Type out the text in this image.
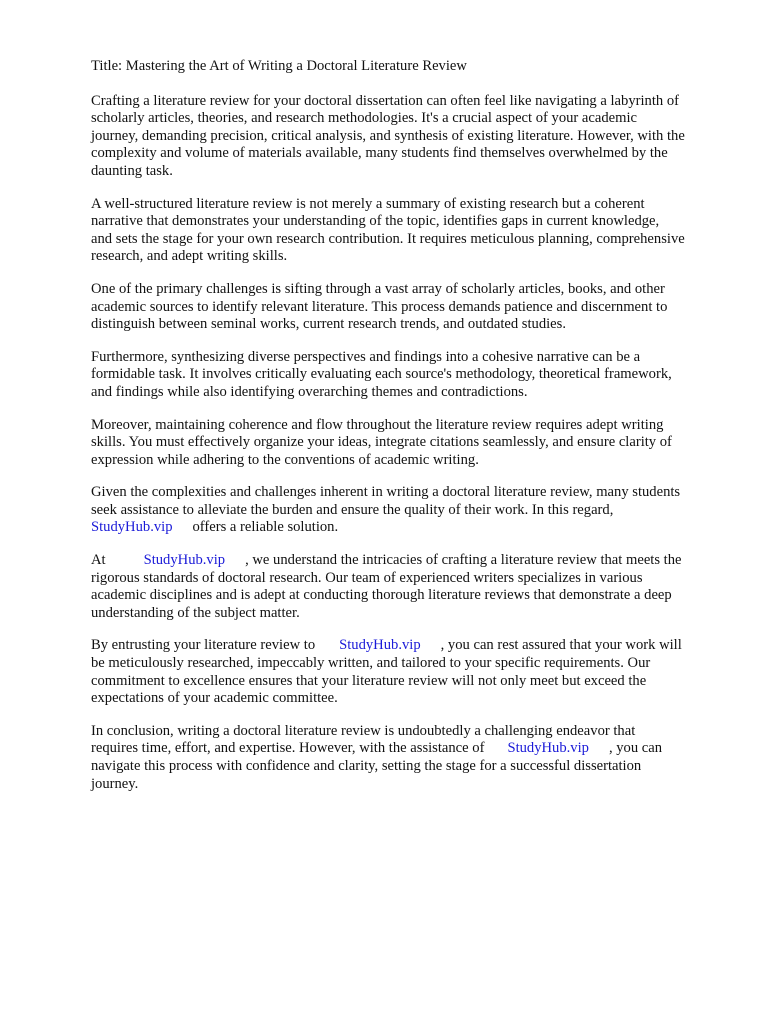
Title: Mastering the Art of Writing a Doctoral Literature Review
Crafting a literature review for your doctoral dissertation can often feel like navigating a labyrinth of
scholarly articles, theories, and research methodologies. It's a crucial aspect of your academic
journey, demanding precision, critical analysis, and synthesis of existing literature. However, with the
complexity and volume of materials available, many students find themselves overwhelmed by the
daunting task.
A well-structured literature review is not merely a summary of existing research but a coherent
narrative that demonstrates your understanding of the topic, identifies gaps in current knowledge,
and sets the stage for your own research contribution. It requires meticulous planning, comprehensive
research, and adept writing skills.
One of the primary challenges is sifting through a vast array of scholarly articles, books, and other
academic sources to identify relevant literature. This process demands patience and discernment to
distinguish between seminal works, current research trends, and outdated studies.
Furthermore, synthesizing diverse perspectives and findings into a cohesive narrative can be a
formidable task. It involves critically evaluating each source's methodology, theoretical framework,
and findings while also identifying overarching themes and contradictions.
Moreover, maintaining coherence and flow throughout the literature review requires adept writing
skills. You must effectively organize your ideas, integrate citations seamlessly, and ensure clarity of
expression while adhering to the conventions of academic writing.
Given the complexities and challenges inherent in writing a doctoral literature review, many students
seek assistance to alleviate the burden and ensure the quality of their work. In this regard,
StudyHub.vip offers a reliable solution.
At	StudyHub.vip , we understand the intricacies of crafting a literature review that meets the
rigorous standards of doctoral research. Our team of experienced writers specializes in various
academic disciplines and is adept at conducting thorough literature reviews that demonstrate a deep
understanding of the subject matter.
By entrusting your literature review to StudyHub.vip , you can rest assured that your work will
be meticulously researched, impeccably written, and tailored to your specific requirements. Our
commitment to excellence ensures that your literature review will not only meet but exceed the
expectations of your academic committee.
In conclusion, writing a doctoral literature review is undoubtedly a challenging endeavor that
requires time, effort, and expertise. However, with the assistance of StudyHub.vip , you can
navigate this process with confidence and clarity, setting the stage for a successful dissertation
journey.
